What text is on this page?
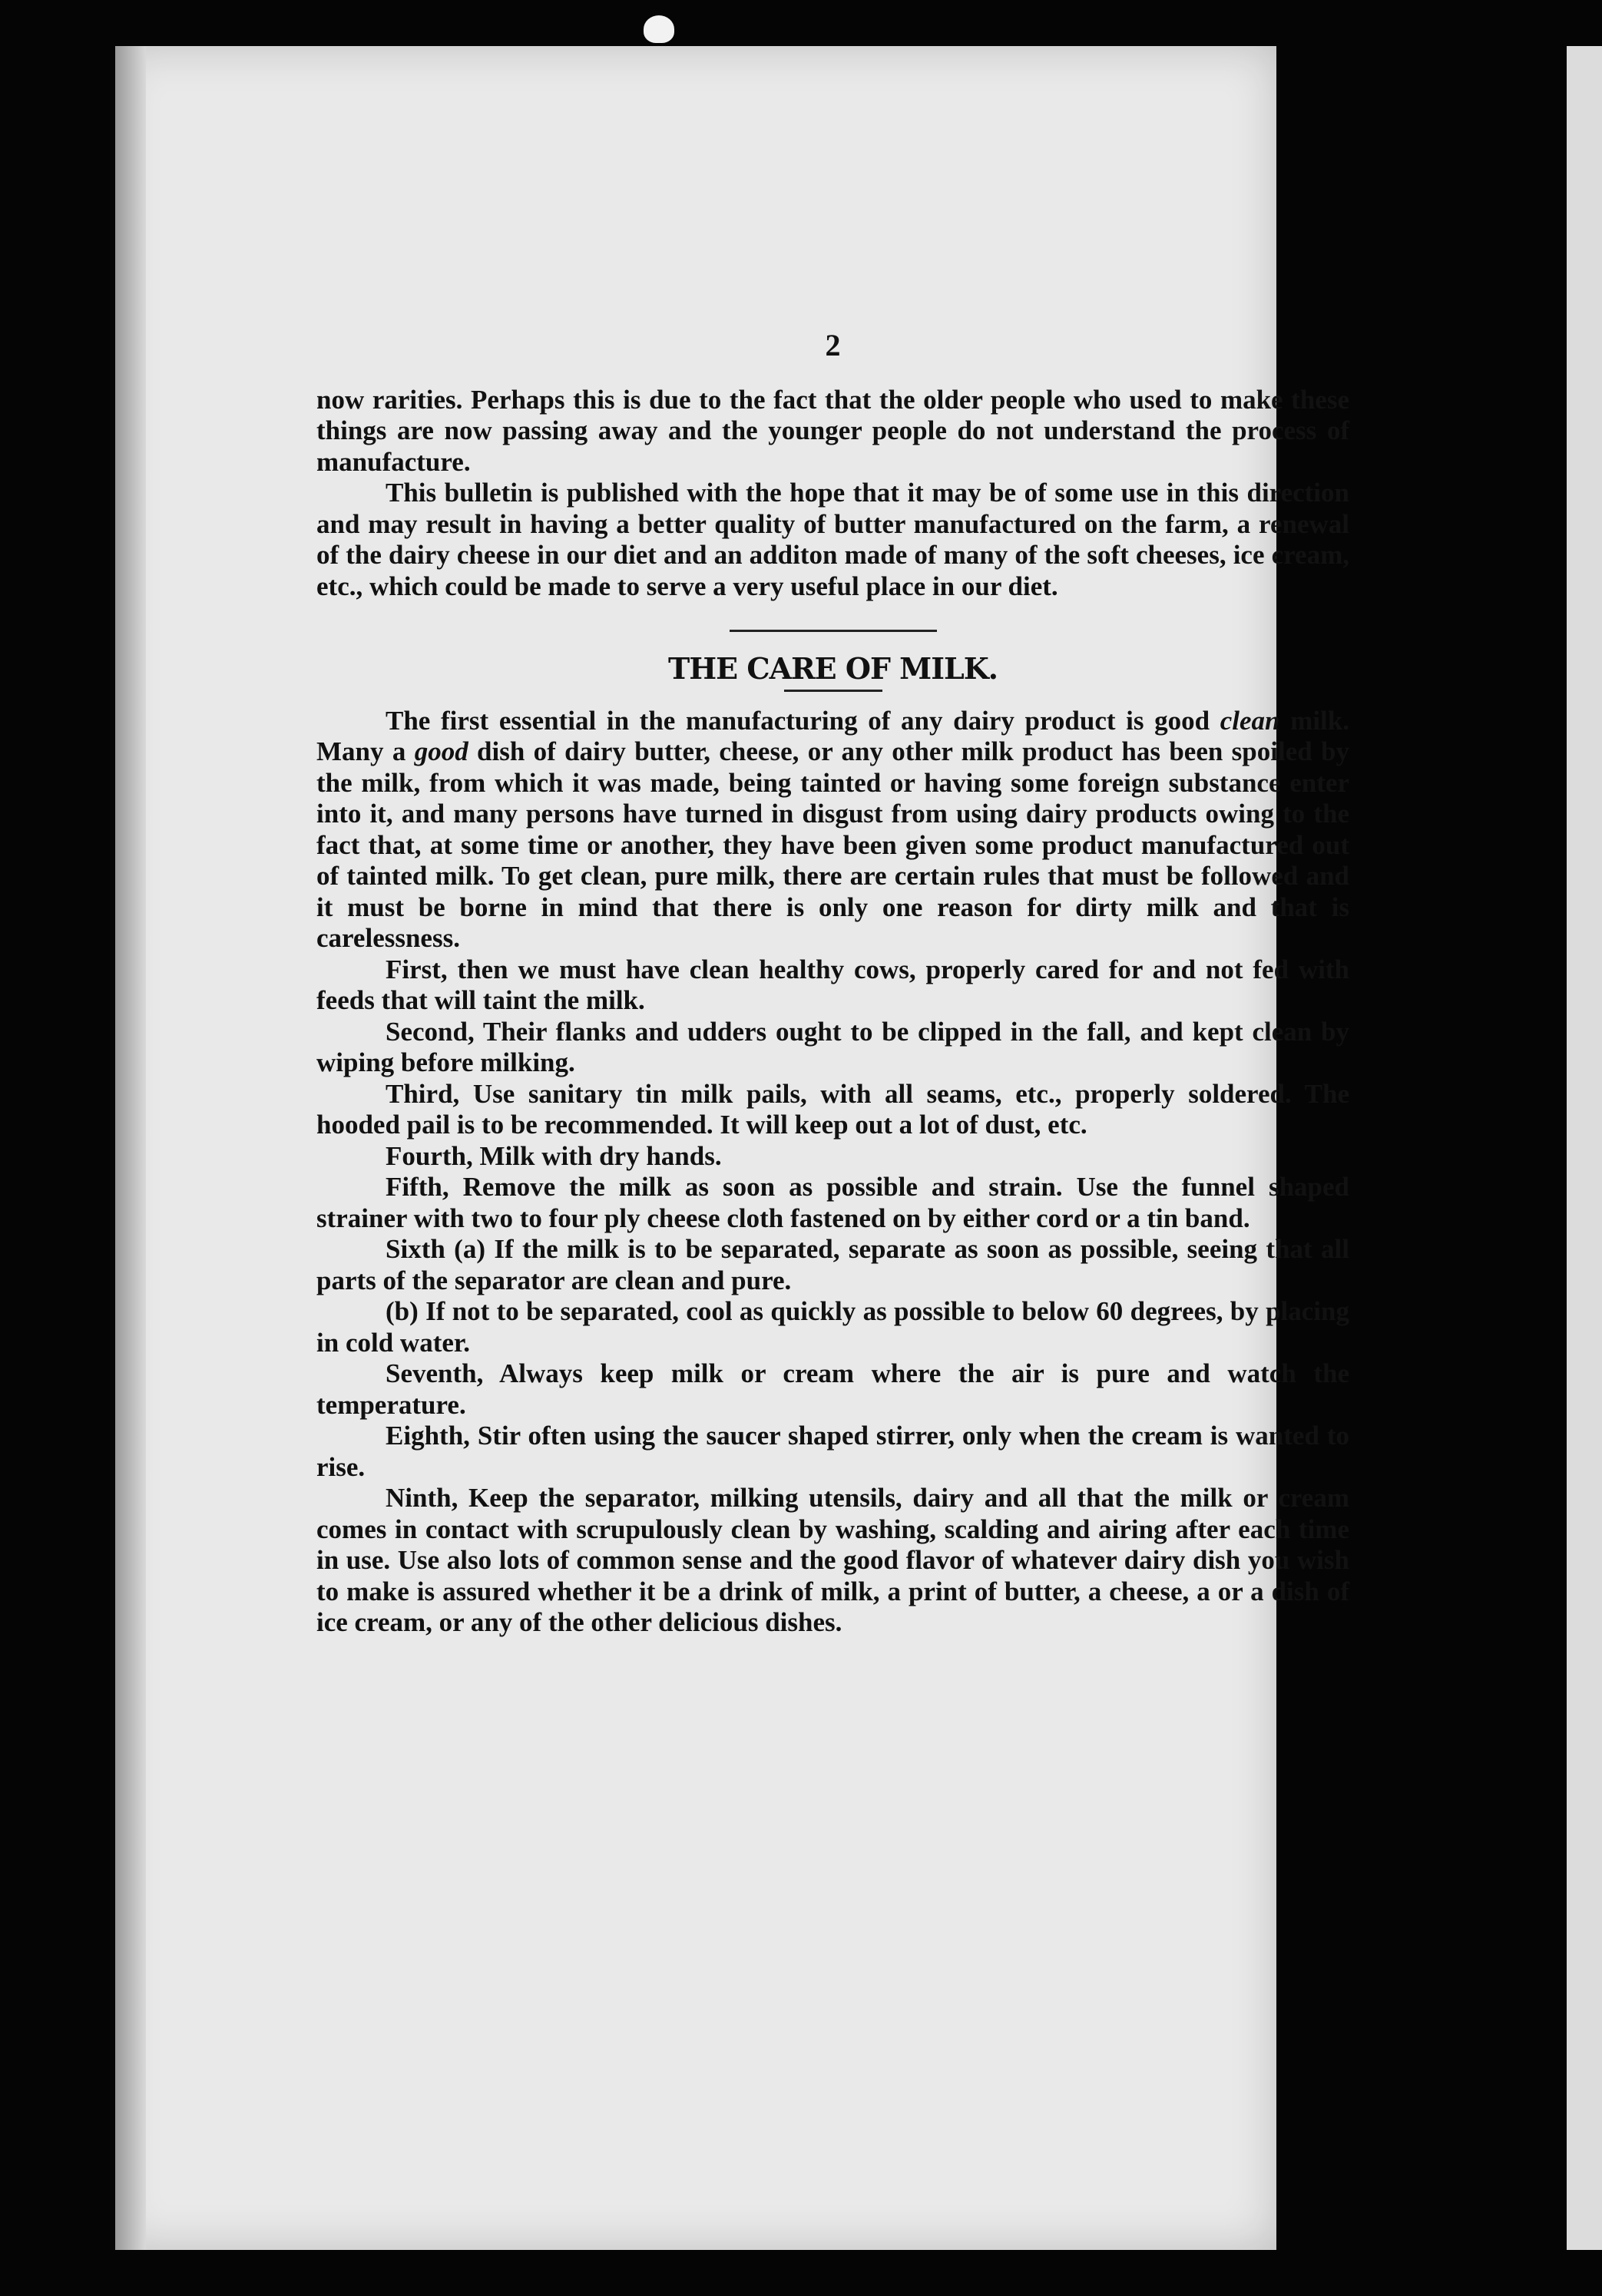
2

now rarities. Perhaps this is due to the fact that the older people who used to make these things are now passing away and the younger people do not understand the process of manufacture.

This bulletin is published with the hope that it may be of some use in this direction and may result in having a better quality of butter manufactured on the farm, a renewal of the dairy cheese in our diet and an additon made of many of the soft cheeses, ice cream, etc., which could be made to serve a very useful place in our diet.

THE CARE OF MILK.

The first essential in the manufacturing of any dairy product is good clean milk. Many a good dish of dairy butter, cheese, or any other milk product has been spoiled by the milk, from which it was made, being tainted or having some foreign substance enter into it, and many persons have turned in disgust from using dairy products owing to the fact that, at some time or another, they have been given some product manufactured out of tainted milk. To get clean, pure milk, there are certain rules that must be followed and it must be borne in mind that there is only one reason for dirty milk and that is carelessness.

First, then we must have clean healthy cows, properly cared for and not fed with feeds that will taint the milk.

Second, Their flanks and udders ought to be clipped in the fall, and kept clean by wiping before milking.

Third, Use sanitary tin milk pails, with all seams, etc., properly soldered. The hooded pail is to be recommended. It will keep out a lot of dust, etc.

Fourth, Milk with dry hands.

Fifth, Remove the milk as soon as possible and strain. Use the funnel shaped strainer with two to four ply cheese cloth fastened on by either cord or a tin band.

Sixth (a) If the milk is to be separated, separate as soon as possible, seeing that all parts of the separator are clean and pure.

(b) If not to be separated, cool as quickly as possible to below 60 degrees, by placing in cold water.

Seventh, Always keep milk or cream where the air is pure and watch the temperature.

Eighth, Stir often using the saucer shaped stirrer, only when the cream is wanted to rise.

Ninth, Keep the separator, milking utensils, dairy and all that the milk or cream comes in contact with scrupulously clean by washing, scalding and airing after each time in use. Use also lots of common sense and the good flavor of whatever dairy dish you wish to make is assured whether it be a drink of milk, a print of butter, a cheese, a or a dish of ice cream, or any of the other delicious dishes.
